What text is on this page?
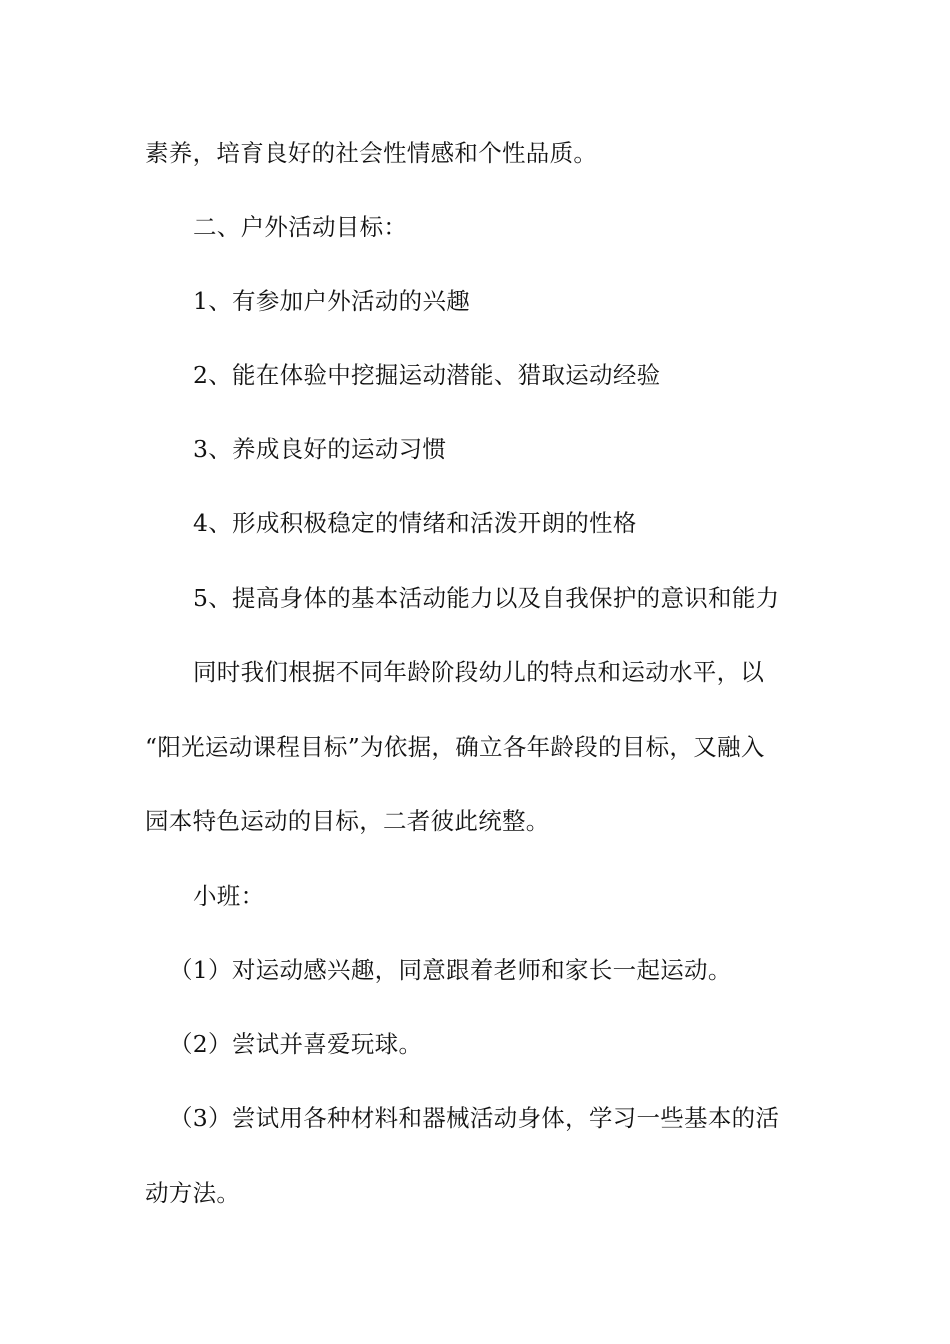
素养，培育良好的社会性情感和个性品质。
二、户外活动目标：
1、有参加户外活动的兴趣
2、能在体验中挖掘运动潜能、猎取运动经验
3、养成良好的运动习惯
4、形成积极稳定的情绪和活泼开朗的性格
5、提高身体的基本活动能力以及自我保护的意识和能力
同时我们根据不同年龄阶段幼儿的特点和运动水平，以
“阳光运动课程目标”为依据，确立各年龄段的目标，又融入
园本特色运动的目标，二者彼此统整。
小班：
（1）对运动感兴趣，同意跟着老师和家长一起运动。
（2）尝试并喜爱玩球。
（3）尝试用各种材料和器械活动身体，学习一些基本的活
动方法。
